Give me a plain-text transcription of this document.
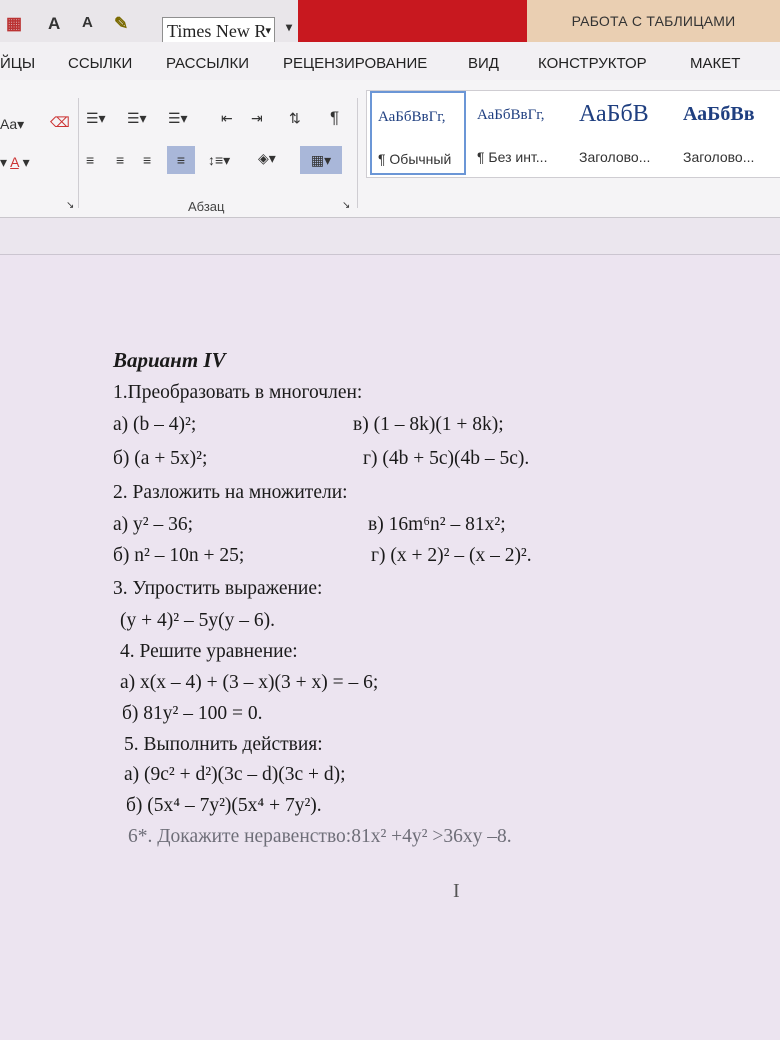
▦ A A ✎ Times New R ▾ ▾	РАБОТА С ТАБЛИЦАМИ
ЙЦЫ ССЫЛКИ РАССЫЛКИ РЕЦЕНЗИРОВАНИЕ	ВИД	КОНСТРУКТОР	МАКЕТ
Aa▾ ⌫
▾ A ▾
☰▾ ☰▾ ☰▾ ⇤ ⇥ ⇅ ¶
≡ ≡ ≡	≡	↕≡▾ ◈▾	▦▾
↘	↘
Абзац
АаБбВвГг,
¶ Обычный
АаБбВвГг,
¶ Без инт...
АаБбВ
Заголово...
АаБбВв
Заголово...
Вариант IV
1.Преобразовать в многочлен:
а) (b – 4)²;	в) (1 – 8k)(1 + 8k);
б) (a + 5x)²;	г) (4b + 5c)(4b – 5c).
2. Разложить на множители:
а) y² – 36;	в) 16m⁶n² – 81x²;
б) n² – 10n + 25;	г) (x + 2)² – (x – 2)².
3. Упростить выражение:
(y + 4)² – 5y(y – 6).
4. Решите уравнение:
а) x(x – 4) + (3 – x)(3 + x) = – 6;
б) 81y² – 100 = 0.
5. Выполнить действия:
а) (9c² + d²)(3c – d)(3c + d);
б) (5x⁴ – 7y²)(5x⁴ + 7y²).
6*. Докажите неравенство:81x² +4y² >36xy –8.
I
